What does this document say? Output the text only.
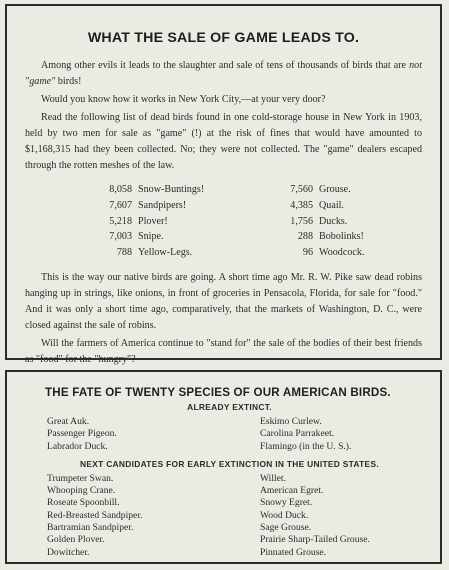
WHAT THE SALE OF GAME LEADS TO.

Among other evils it leads to the slaughter and sale of tens of thousands of birds that are not "game" birds!

Would you know how it works in New York City,—at your very door?

Read the following list of dead birds found in one cold-storage house in New York in 1903, held by two men for sale as "game" (!) at the risk of fines that would have amounted to $1,168,315 had they been collected. No; they were not collected. The "game" dealers escaped through the rotten meshes of the law.

8,058 Snow-Buntings!	7,560 Grouse.
7,607 Sandpipers!	4,385 Quail.
5,218 Plover!	1,756 Ducks.
7,003 Snipe.	288 Bobolinks!
788 Yellow-Legs.	96 Woodcock.

This is the way our native birds are going. A short time ago Mr. R. W. Pike saw dead robins hanging up in strings, like onions, in front of groceries in Pensacola, Florida, for sale for "food." And it was only a short time ago, comparatively, that the markets of Washington, D. C., were closed against the sale of robins.

Will the farmers of America continue to "stand for" the sale of the bodies of their best friends as "food" for the "hungry"?

THE FATE OF TWENTY SPECIES OF OUR AMERICAN BIRDS.
ALREADY EXTINCT.
Great Auk.
Passenger Pigeon.
Labrador Duck.
Eskimo Curlew.
Carolina Parrakeet.
Flamingo (in the U. S.).
NEXT CANDIDATES FOR EARLY EXTINCTION IN THE UNITED STATES.
Trumpeter Swan.
Whooping Crane.
Roseate Spoonbill.
Red-Breasted Sandpiper.
Bartramian Sandpiper.
Golden Plover.
Dowitcher.
Willet.
American Egret.
Snowy Egret.
Wood Duck.
Sage Grouse.
Prairie Sharp-Tailed Grouse.
Pinnated Grouse.
